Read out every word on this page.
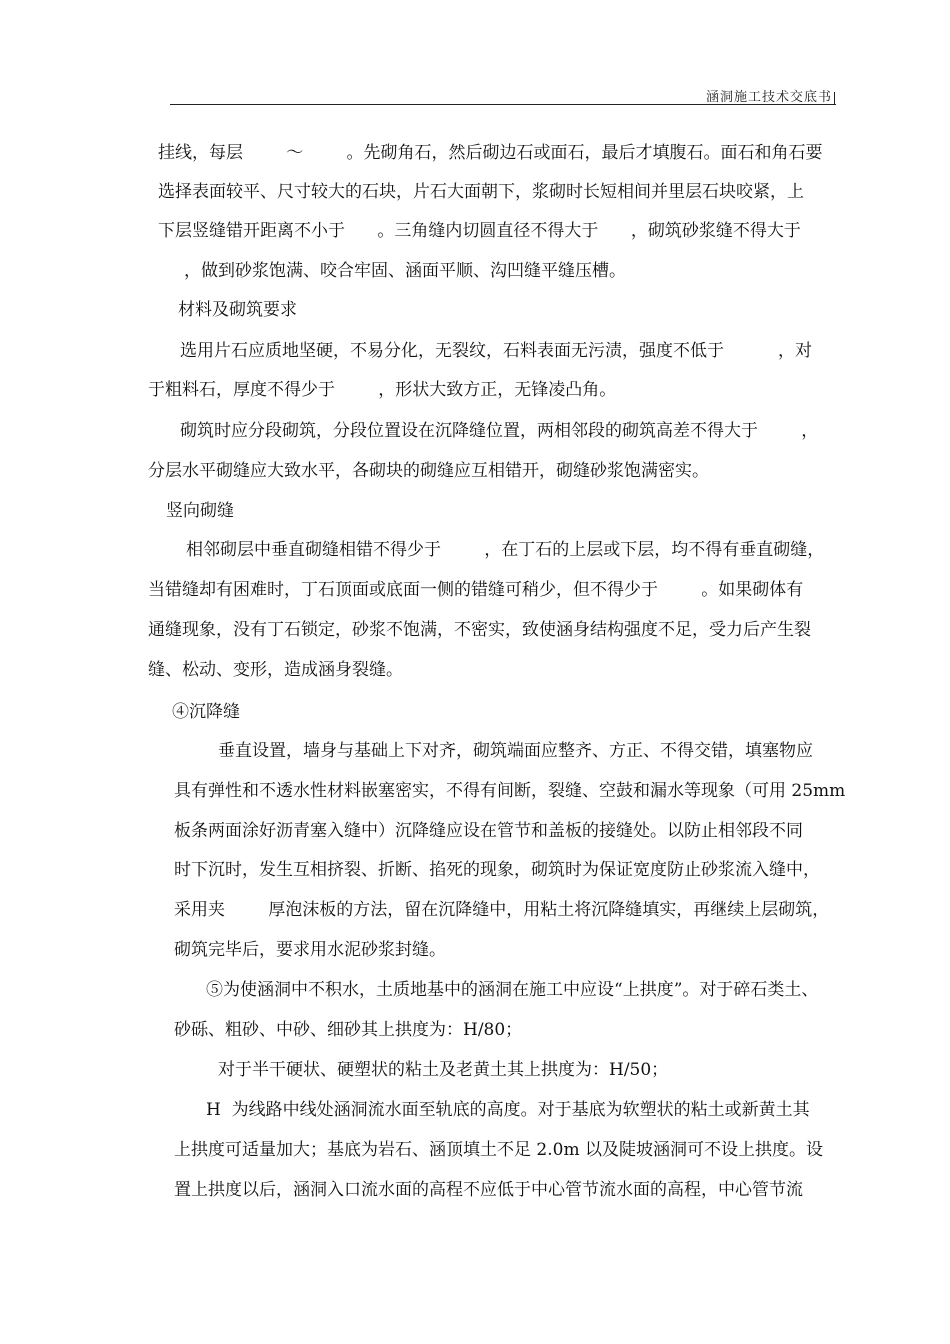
涵洞施工技术交底书
挂线，每层        ～        。先砌角石，然后砌边石或面石，最后才填腹石。面石和角石要
选择表面较平、尺寸较大的石块，片石大面朝下，浆砌时长短相间并里层石块咬紧，上
下层竖缝错开距离不小于      。三角缝内切圆直径不得大于      ，砌筑砂浆缝不得大于
，做到砂浆饱满、咬合牢固、涵面平顺、沟凹缝平缝压槽。
材料及砌筑要求
选用片石应质地坚硬，不易分化，无裂纹，石料表面无污渍，强度不低于          ，对
于粗料石，厚度不得少于        ，形状大致方正，无锋凌凸角。
砌筑时应分段砌筑，分段位置设在沉降缝位置，两相邻段的砌筑高差不得大于        ，
分层水平砌缝应大致水平，各砌块的砌缝应互相错开，砌缝砂浆饱满密实。
竖向砌缝
相邻砌层中垂直砌缝相错不得少于        ，在丁石的上层或下层，均不得有垂直砌缝，
当错缝却有困难时，丁石顶面或底面一侧的错缝可稍少，但不得少于        。如果砌体有
通缝现象，没有丁石锁定，砂浆不饱满，不密实，致使涵身结构强度不足，受力后产生裂
缝、松动、变形，造成涵身裂缝。
④沉降缝
垂直设置，墙身与基础上下对齐，砌筑端面应整齐、方正、不得交错，填塞物应
具有弹性和不透水性材料嵌塞密实，不得有间断，裂缝、空鼓和漏水等现象（可用 25mm
板条两面涂好沥青塞入缝中）沉降缝应设在管节和盖板的接缝处。以防止相邻段不同
时下沉时，发生互相挤裂、折断、掐死的现象，砌筑时为保证宽度防止砂浆流入缝中，
采用夹        厚泡沫板的方法，留在沉降缝中，用粘土将沉降缝填实，再继续上层砌筑，
砌筑完毕后，要求用水泥砂浆封缝。
⑤为使涵洞中不积水，土质地基中的涵洞在施工中应设“上拱度”。对于碎石类土、
砂砾、粗砂、中砂、细砂其上拱度为：H/80；
对于半干硬状、硬塑状的粘土及老黄土其上拱度为：H/50；
H  为线路中线处涵洞流水面至轨底的高度。对于基底为软塑状的粘土或新黄土其
上拱度可适量加大；基底为岩石、涵顶填土不足 2.0m 以及陡坡涵洞可不设上拱度。设
置上拱度以后，涵洞入口流水面的高程不应低于中心管节流水面的高程，中心管节流
